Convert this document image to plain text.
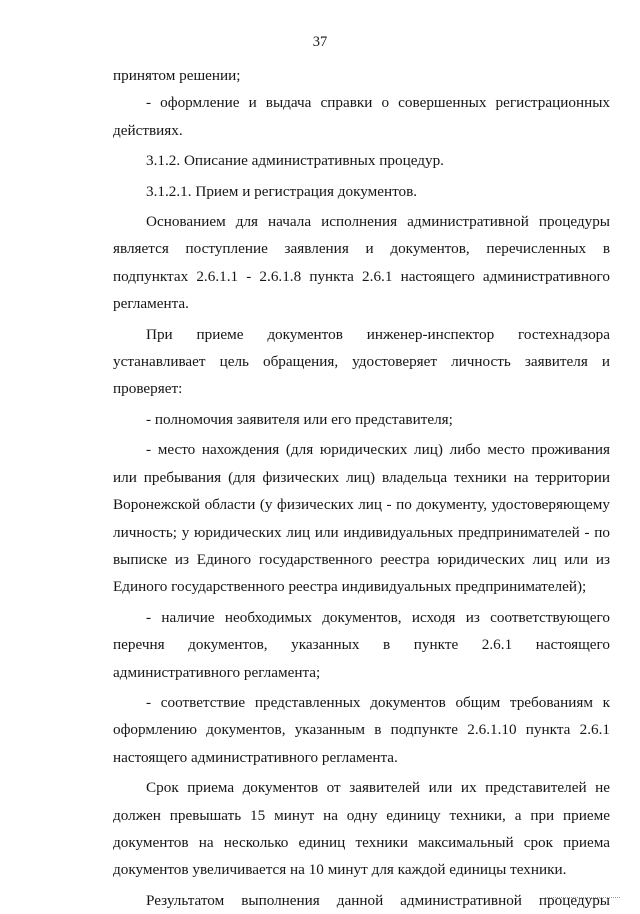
37

принятом решении;

- оформление и выдача справки о совершенных регистрационных действиях.

3.1.2. Описание административных процедур.

3.1.2.1. Прием и регистрация документов.

Основанием для начала исполнения административной процедуры является поступление заявления и документов, перечисленных в подпунктах 2.6.1.1 - 2.6.1.8 пункта 2.6.1 настоящего административного регламента.

При приеме документов инженер-инспектор гостехнадзора устанавливает цель обращения, удостоверяет личность заявителя и проверяет:

- полномочия заявителя или его представителя;

- место нахождения (для юридических лиц) либо место проживания или пребывания (для физических лиц) владельца техники на территории Воронежской области (у физических лиц - по документу, удостоверяющему личность; у юридических лиц или индивидуальных предпринимателей - по выписке из Единого государственного реестра юридических лиц или из Единого государственного реестра индивидуальных предпринимателей);

- наличие необходимых документов, исходя из соответствующего перечня документов, указанных в пункте 2.6.1 настоящего административного регламента;

- соответствие представленных документов общим требованиям к оформлению документов, указанным в подпункте 2.6.1.10 пункта 2.6.1 настоящего административного регламента.

Срок приема документов от заявителей или их представителей не должен превышать 15 минут на одну единицу техники, а при приеме документов на несколько единиц техники максимальный срок приема документов увеличивается на 10 минут для каждой единицы техники.

Результатом выполнения данной административной процедуры
